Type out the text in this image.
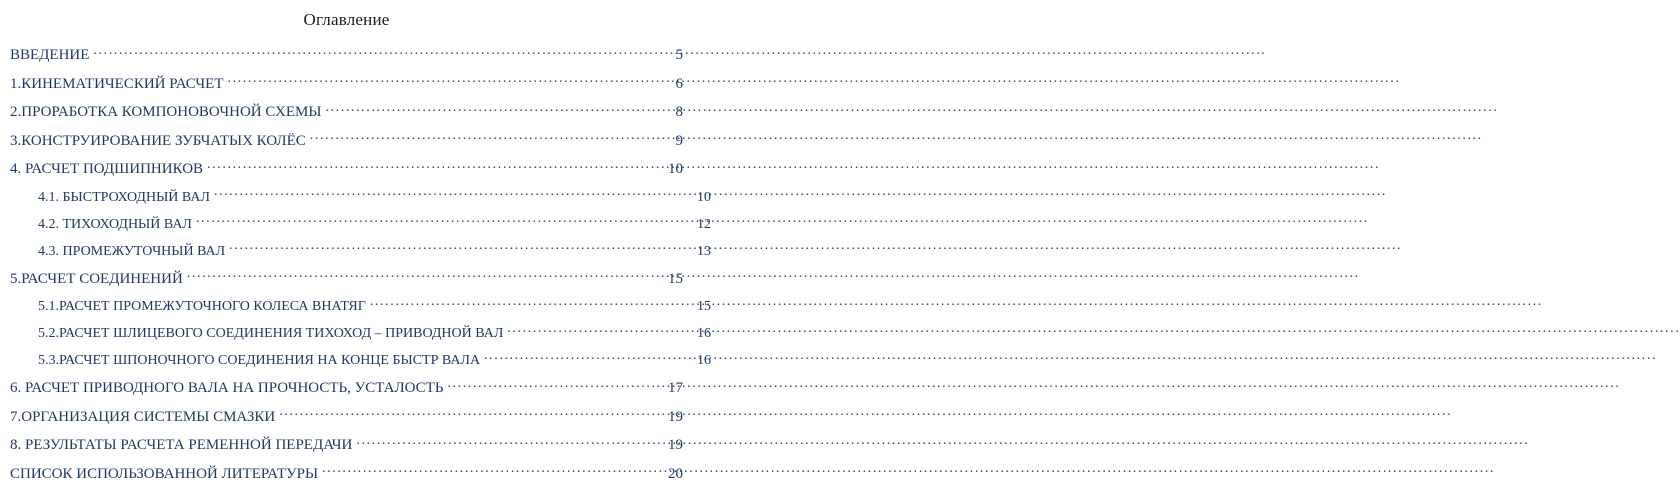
Оглавление
ВВЕДЕНИЕ .....	5
1.КИНЕМАТИЧЕСКИЙ РАСЧЕТ .....	6
2.ПРОРАБОТКА КОМПОНОВОЧНОЙ СХЕМЫ .....	8
3.КОНСТРУИРОВАНИЕ ЗУБЧАТЫХ КОЛЁС .....	9
4. РАСЧЕТ ПОДШИПНИКОВ .....	10
4.1. БЫСТРОХОДНЫЙ ВАЛ .....	10
4.2. ТИХОХОДНЫЙ ВАЛ .....	12
4.3. ПРОМЕЖУТОЧНЫЙ ВАЛ .....	13
5.РАСЧЕТ СОЕДИНЕНИЙ .....	15
5.1.РАСЧЕТ ПРОМЕЖУТОЧНОГО КОЛЕСА ВНАТЯГ .....	15
5.2.РАСЧЕТ ШЛИЦЕВОГО СОЕДИНЕНИЯ ТИХОХОД – ПРИВОДНОЙ ВАЛ .....	16
5.3.РАСЧЕТ ШПОНОЧНОГО СОЕДИНЕНИЯ НА КОНЦЕ БЫСТР ВАЛА .....	16
6. РАСЧЕТ ПРИВОДНОГО ВАЛА НА ПРОЧНОСТЬ, УСТАЛОСТЬ .....	17
7.ОРГАНИЗАЦИЯ СИСТЕМЫ СМАЗКИ .....	19
8. РЕЗУЛЬТАТЫ РАСЧЕТА РЕМЕННОЙ ПЕРЕДАЧИ .....	19
СПИСОК ИСПОЛЬЗОВАННОЙ ЛИТЕРАТУРЫ .....	20
